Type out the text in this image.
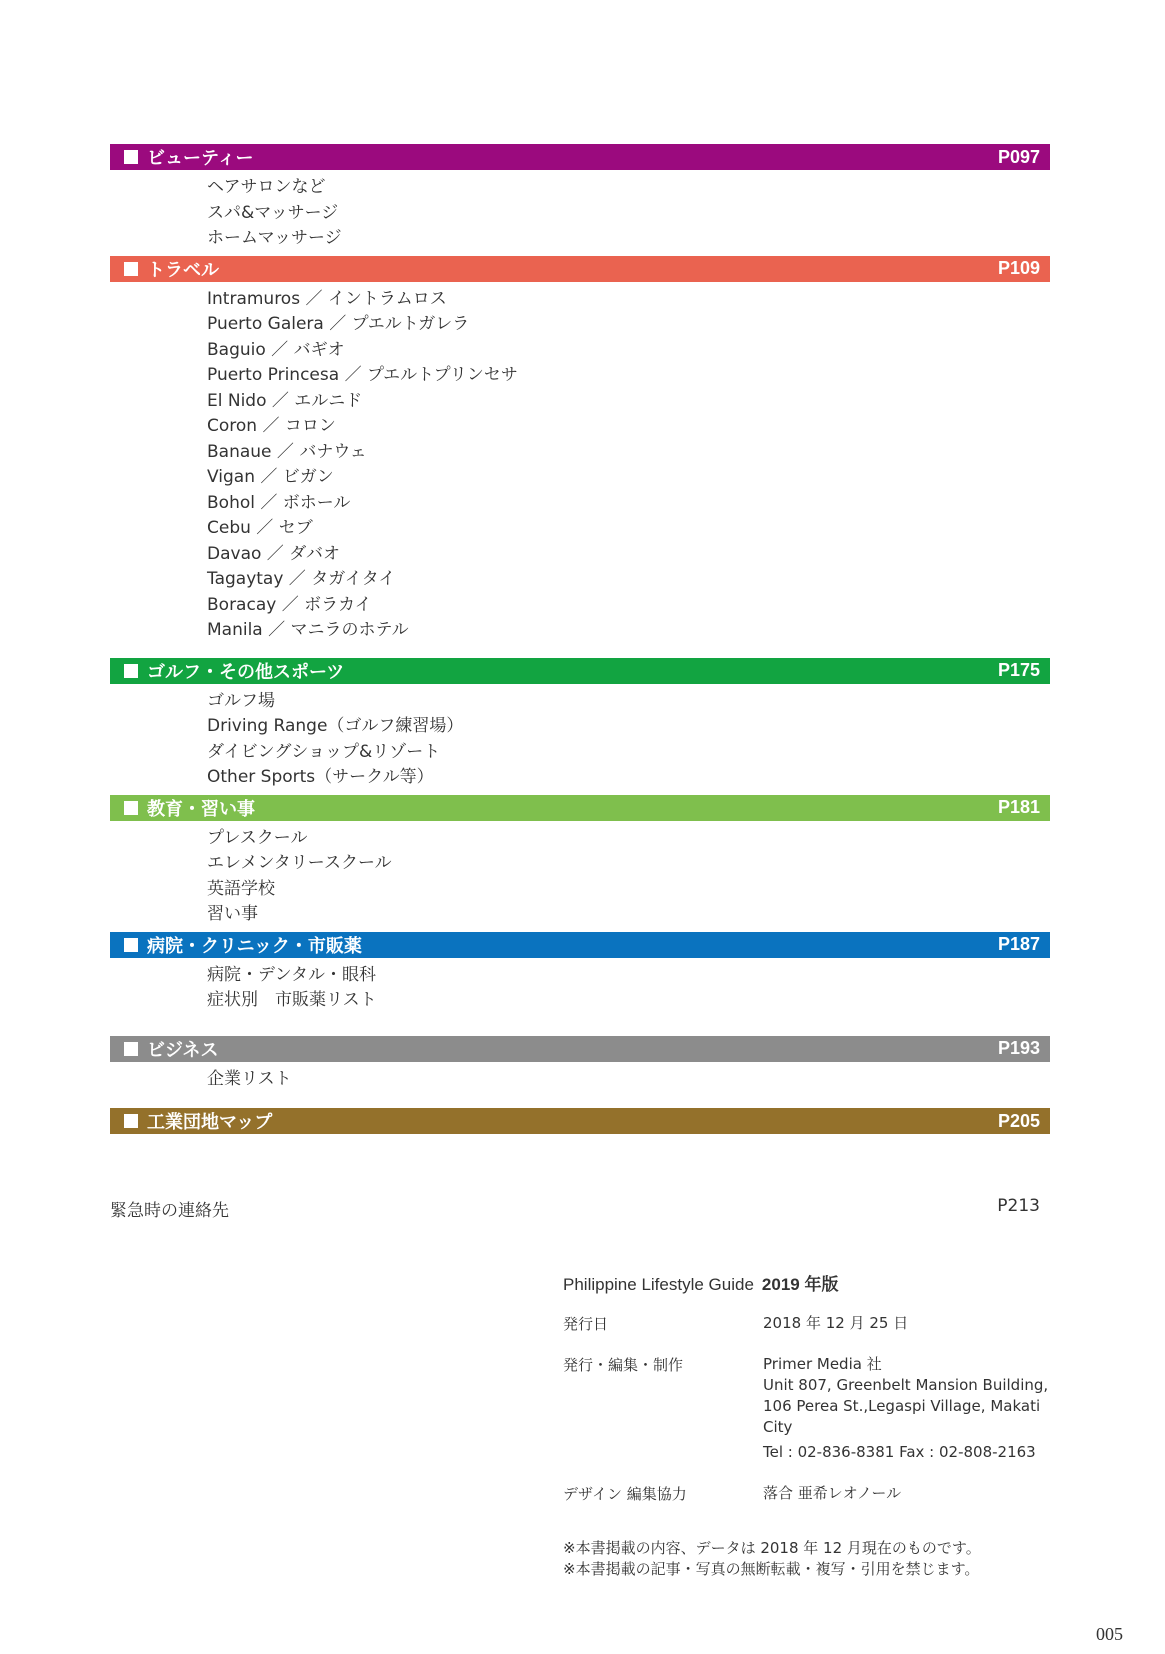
ビューティー	P097
ヘアサロンなど
スパ&マッサージ
ホームマッサージ
トラベル	P109
Intramuros ／ イントラムロス
Puerto Galera ／ プエルトガレラ
Baguio ／ バギオ
Puerto Princesa ／ プエルトプリンセサ
El Nido ／ エルニド
Coron ／ コロン
Banaue ／ バナウェ
Vigan ／ ビガン
Bohol ／ ボホール
Cebu ／ セブ
Davao ／ ダバオ
Tagaytay ／ タガイタイ
Boracay ／ ボラカイ
Manila ／ マニラのホテル
ゴルフ・その他スポーツ	P175
ゴルフ場
Driving Range（ゴルフ練習場）
ダイビングショップ&リゾート
Other Sports（サークル等）
教育・習い事	P181
プレスクール
エレメンタリースクール
英語学校
習い事
病院・クリニック・市販薬	P187
病院・デンタル・眼科
症状別　市販薬リスト
ビジネス	P193
企業リスト
工業団地マップ	P205
緊急時の連絡先	P213
Philippine Lifestyle Guide 2019 年版
発行日	2018 年 12 月 25 日
発行・編集・制作	Primer Media 社
Unit 807, Greenbelt Mansion Building,
106 Perea St.,Legaspi Village, Makati City
Tel : 02-836-8381 Fax : 02-808-2163
デザイン 編集協力	落合 亜希レオノール
※本書掲載の内容、データは 2018 年 12 月現在のものです。
※本書掲載の記事・写真の無断転載・複写・引用を禁じます。
005
